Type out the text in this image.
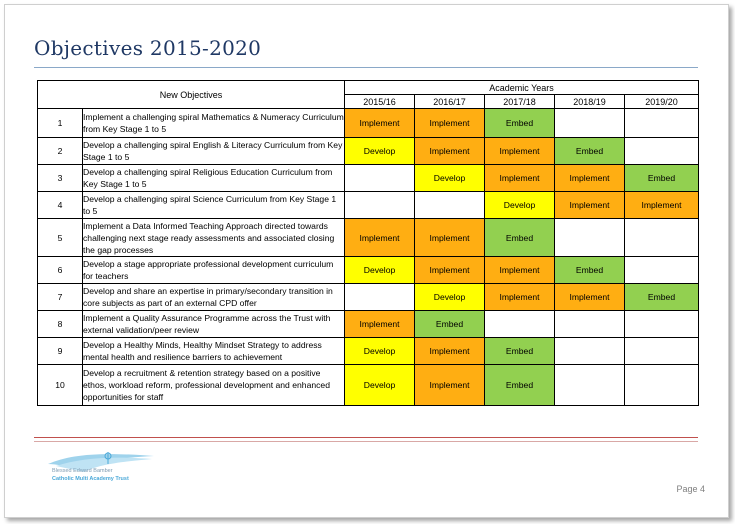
Objectives 2015-2020
New Objectives		Academic Years				
		2015/16	2016/17	2017/18	2018/19	2019/20
1	Implement a challenging spiral Mathematics & Numeracy Curriculum from Key Stage 1 to 5	Implement	Implement	Embed		
2	Develop a challenging spiral English & Literacy Curriculum from Key Stage 1 to 5	Develop	Implement	Implement	Embed	
3	Develop a challenging spiral Religious Education Curriculum from Key Stage 1 to 5		Develop	Implement	Implement	Embed
4	Develop a challenging spiral Science Curriculum from Key Stage 1 to 5			Develop	Implement	Implement
5	Implement a Data Informed Teaching Approach directed towards challenging next stage ready assessments and associated closing the gap processes	Implement	Implement	Embed		
6	Develop a stage appropriate professional development curriculum for teachers	Develop	Implement	Implement	Embed	
7	Develop and share an expertise in primary/secondary transition in core subjects as part of an external CPD offer		Develop	Implement	Implement	Embed
8	Implement a Quality Assurance Programme across the Trust with external validation/peer review	Implement	Embed			
9	Develop a Healthy Minds, Healthy Mindset Strategy to address mental health and resilience barriers to achievement	Develop	Implement	Embed		
10	Develop a recruitment & retention strategy based on a positive ethos, workload reform, professional development and enhanced opportunities for staff	Develop	Implement	Embed		
Blessed Edward Bamber
Catholic Multi Academy Trust
Page 4
